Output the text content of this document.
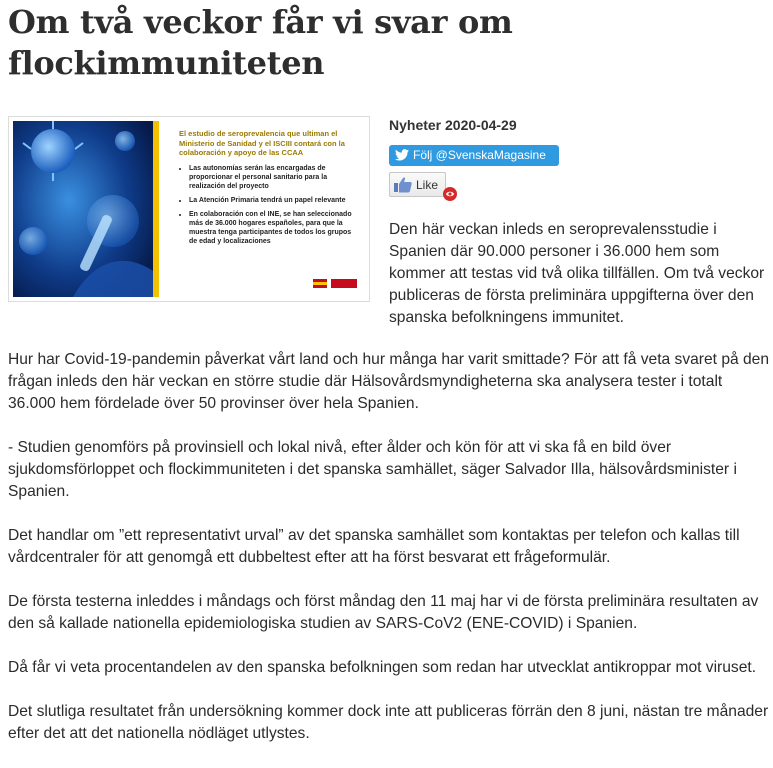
Om två veckor får vi svar om flockimmuniteten
El estudio de seroprevalencia que ultiman el Ministerio de Sanidad y el ISCIII contará con la colaboración y apoyo de las CCAA
• Las autonomías serán las encargadas de proporcionar el personal sanitario para la realización del proyecto
• La Atención Primaria tendrá un papel relevante
• En colaboración con el INE, se han seleccionado más de 36.000 hogares españoles, para que la muestra tenga participantes de todos los grupos de edad y localizaciones
Nyheter 2020-04-29
Följ @SvenskaMagasine
Like

Den här veckan inleds en seroprevalensstudie i Spanien där 90.000 personer i 36.000 hem som kommer att testas vid två olika tillfällen. Om två veckor publiceras de första preliminära uppgifterna över den spanska befolkningens immunitet.

Hur har Covid-19-pandemin påverkat vårt land och hur många har varit smittade? För att få veta svaret på den frågan inleds den här veckan en större studie där Hälsovårdsmyndigheterna ska analysera tester i totalt 36.000 hem fördelade över 50 provinser över hela Spanien.

- Studien genomförs på provinsiell och lokal nivå, efter ålder och kön för att vi ska få en bild över sjukdomsförloppet och flockimmuniteten i det spanska samhället, säger Salvador Illa, hälsovårdsminister i Spanien.

Det handlar om ”ett representativt urval” av det spanska samhället som kontaktas per telefon och kallas till vårdcentraler för att genomgå ett dubbeltest efter att ha först besvarat ett frågeformulär.

De första testerna inleddes i måndags och först måndag den 11 maj har vi de första preliminära resultaten av den så kallade nationella epidemiologiska studien av SARS-CoV2 (ENE-COVID) i Spanien.

Då får vi veta procentandelen av den spanska befolkningen som redan har utvecklat antikroppar mot viruset.

Det slutliga resultatet från undersökning kommer dock inte att publiceras förrän den 8 juni, nästan tre månader efter det att det nationella nödläget utlystes.
